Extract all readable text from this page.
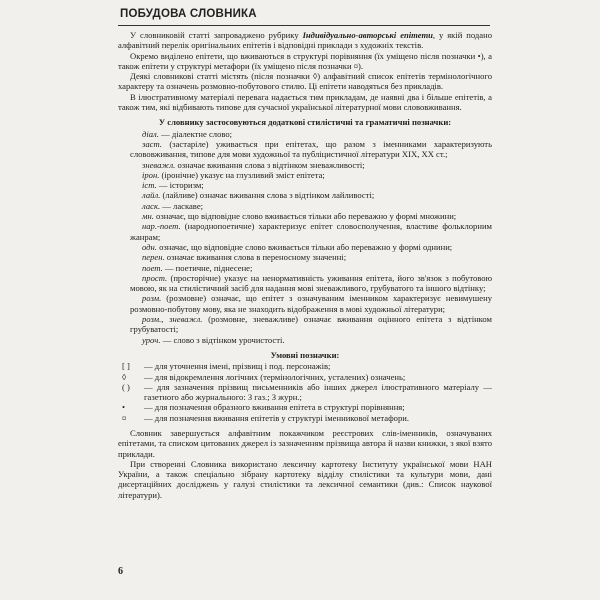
ПОБУДОВА СЛОВНИКА

У словниковій статті запроваджено рубрику Індивідуально-авторські епітети, у якій подано алфавітний перелік оригінальних епітетів і відповідні приклади з художніх текстів.

Окремо виділено епітети, що вживаються в структурі порівняння (їх умiщено після позначки •), а також епітети у структурі метафори (їх умiщено після позначки ¤).

Деякі словникові статті містять (після позначки ◊) алфавітний список епітетів термінологічного характеру та означень розмовно-побутового стилю. Ці епітети наводяться без прикладів.

В ілюстративному матеріалі перевага надається тим прикладам, де наявні два і більше епітетів, а також тим, які відбивають типове для сучасної української літературної мови слововживання.

У словнику застосовуються додаткові стилістичні та граматичні позначки:

діал. — діалектне слово;

заст. (застаріле) уживається при епітетах, що разом з іменниками характеризують слововживання, типове для мови художньої та публіцистичної літератури XIX, XX ст.;

зневажл. означає вживання слова з відтінком зневажливості;

ірон. (іронічне) указує на глузливий зміст епітета;

іст. — історизм;

лайл. (лайливе) означає вживання слова з відтінком лайливості;

ласк. — ласкаве;

мн. означає, що відповідне слово вживається тільки або переважно у формі множини;

нар.-поет. (народнопоетичне) характеризує епітет словосполучення, властиве фольклорним жанрам;

одн. означає, що відповідне слово вживається тільки або переважно у формі однини;

перен. означає вживання слова в переносному значенні;

поет. — поетичне, піднесене;

прост. (просторічне) указує на ненормативність уживання епітета, його зв'язок з побутовою мовою, як на стилістичний засіб для надання мові зневажливого, грубуватого та іншого відтінку;

розм. (розмовне) означає, що епітет з означуваним іменником характеризує невимушену розмовно-побутову мову, яка не знаходить відображення в мові художньої літератури;

розм., зневажл. (розмовне, зневажливе) означає вживання оцінного епітета з відтінком грубуватості;

урoч. — слово з відтінком урочистості.

Умовні позначки:
[ ]	— для уточнення імені, прізвищ і под. персонажів;
◊	— для відокремлення логічних (термінологічних, усталених) означень;
( )	— для зазначення прізвищ письменників або інших джерел ілюстративного матеріалу — газетного або журнального: З газ.; З журн.;
•	— для позначення образного вживання епітета в структурі порівняння;
¤	— для позначення вживання епітетів у структурі іменникової метафори.

Словник завершується алфавітним покажчиком реєстрових слів-іменників, означуваних епітетами, та списком цитованих джерел із зазначенням прізвища автора й назви книжки, з якої взято приклади.

При створенні Словника використано лексичну картотеку Інституту української мови НАН України, а також спеціально зібрану картотеку відділу стилістики та культури мови, дані дисертаційних досліджень у галузі стилістики та лексичної семантики (див.: Список наукової літератури).

6
